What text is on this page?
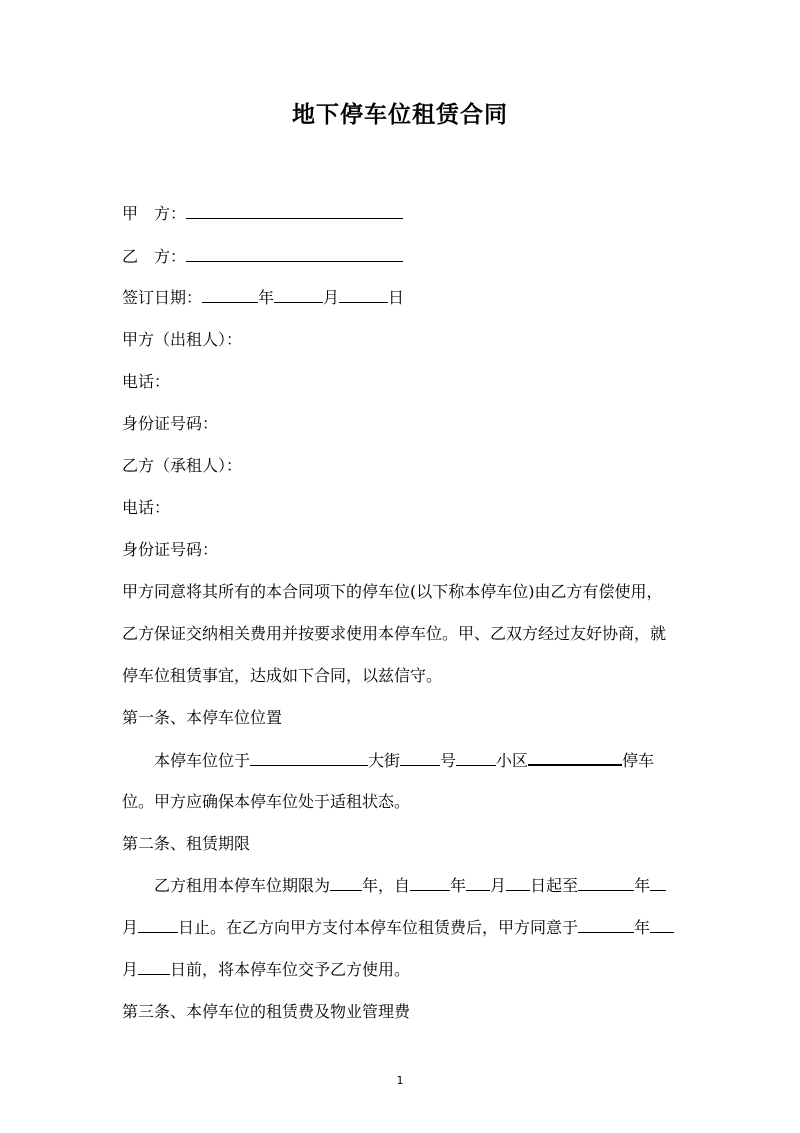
地下停车位租赁合同

甲　方：

乙　方：

签订日期：	年	月	日

甲方（出租人）：

电话：

身份证号码：

乙方（承租人）：

电话：

身份证号码：

甲方同意将其所有的本合同项下的停车位(以下称本停车位)由乙方有偿使用，

乙方保证交纳相关费用并按要求使用本停车位。甲、乙双方经过友好协商，就

停车位租赁事宜，达成如下合同，以兹信守。

第一条、本停车位位置

本停车位位于	大街	号	小区	停车

位。甲方应确保本停车位处于适租状态。

第二条、租赁期限

乙方租用本停车位期限为 年，自	年 月 日起至	年

月	日止。在乙方向甲方支付本停车位租赁费后，甲方同意于	年

月 日前，将本停车位交予乙方使用。

第三条、本停车位的租赁费及物业管理费

1
